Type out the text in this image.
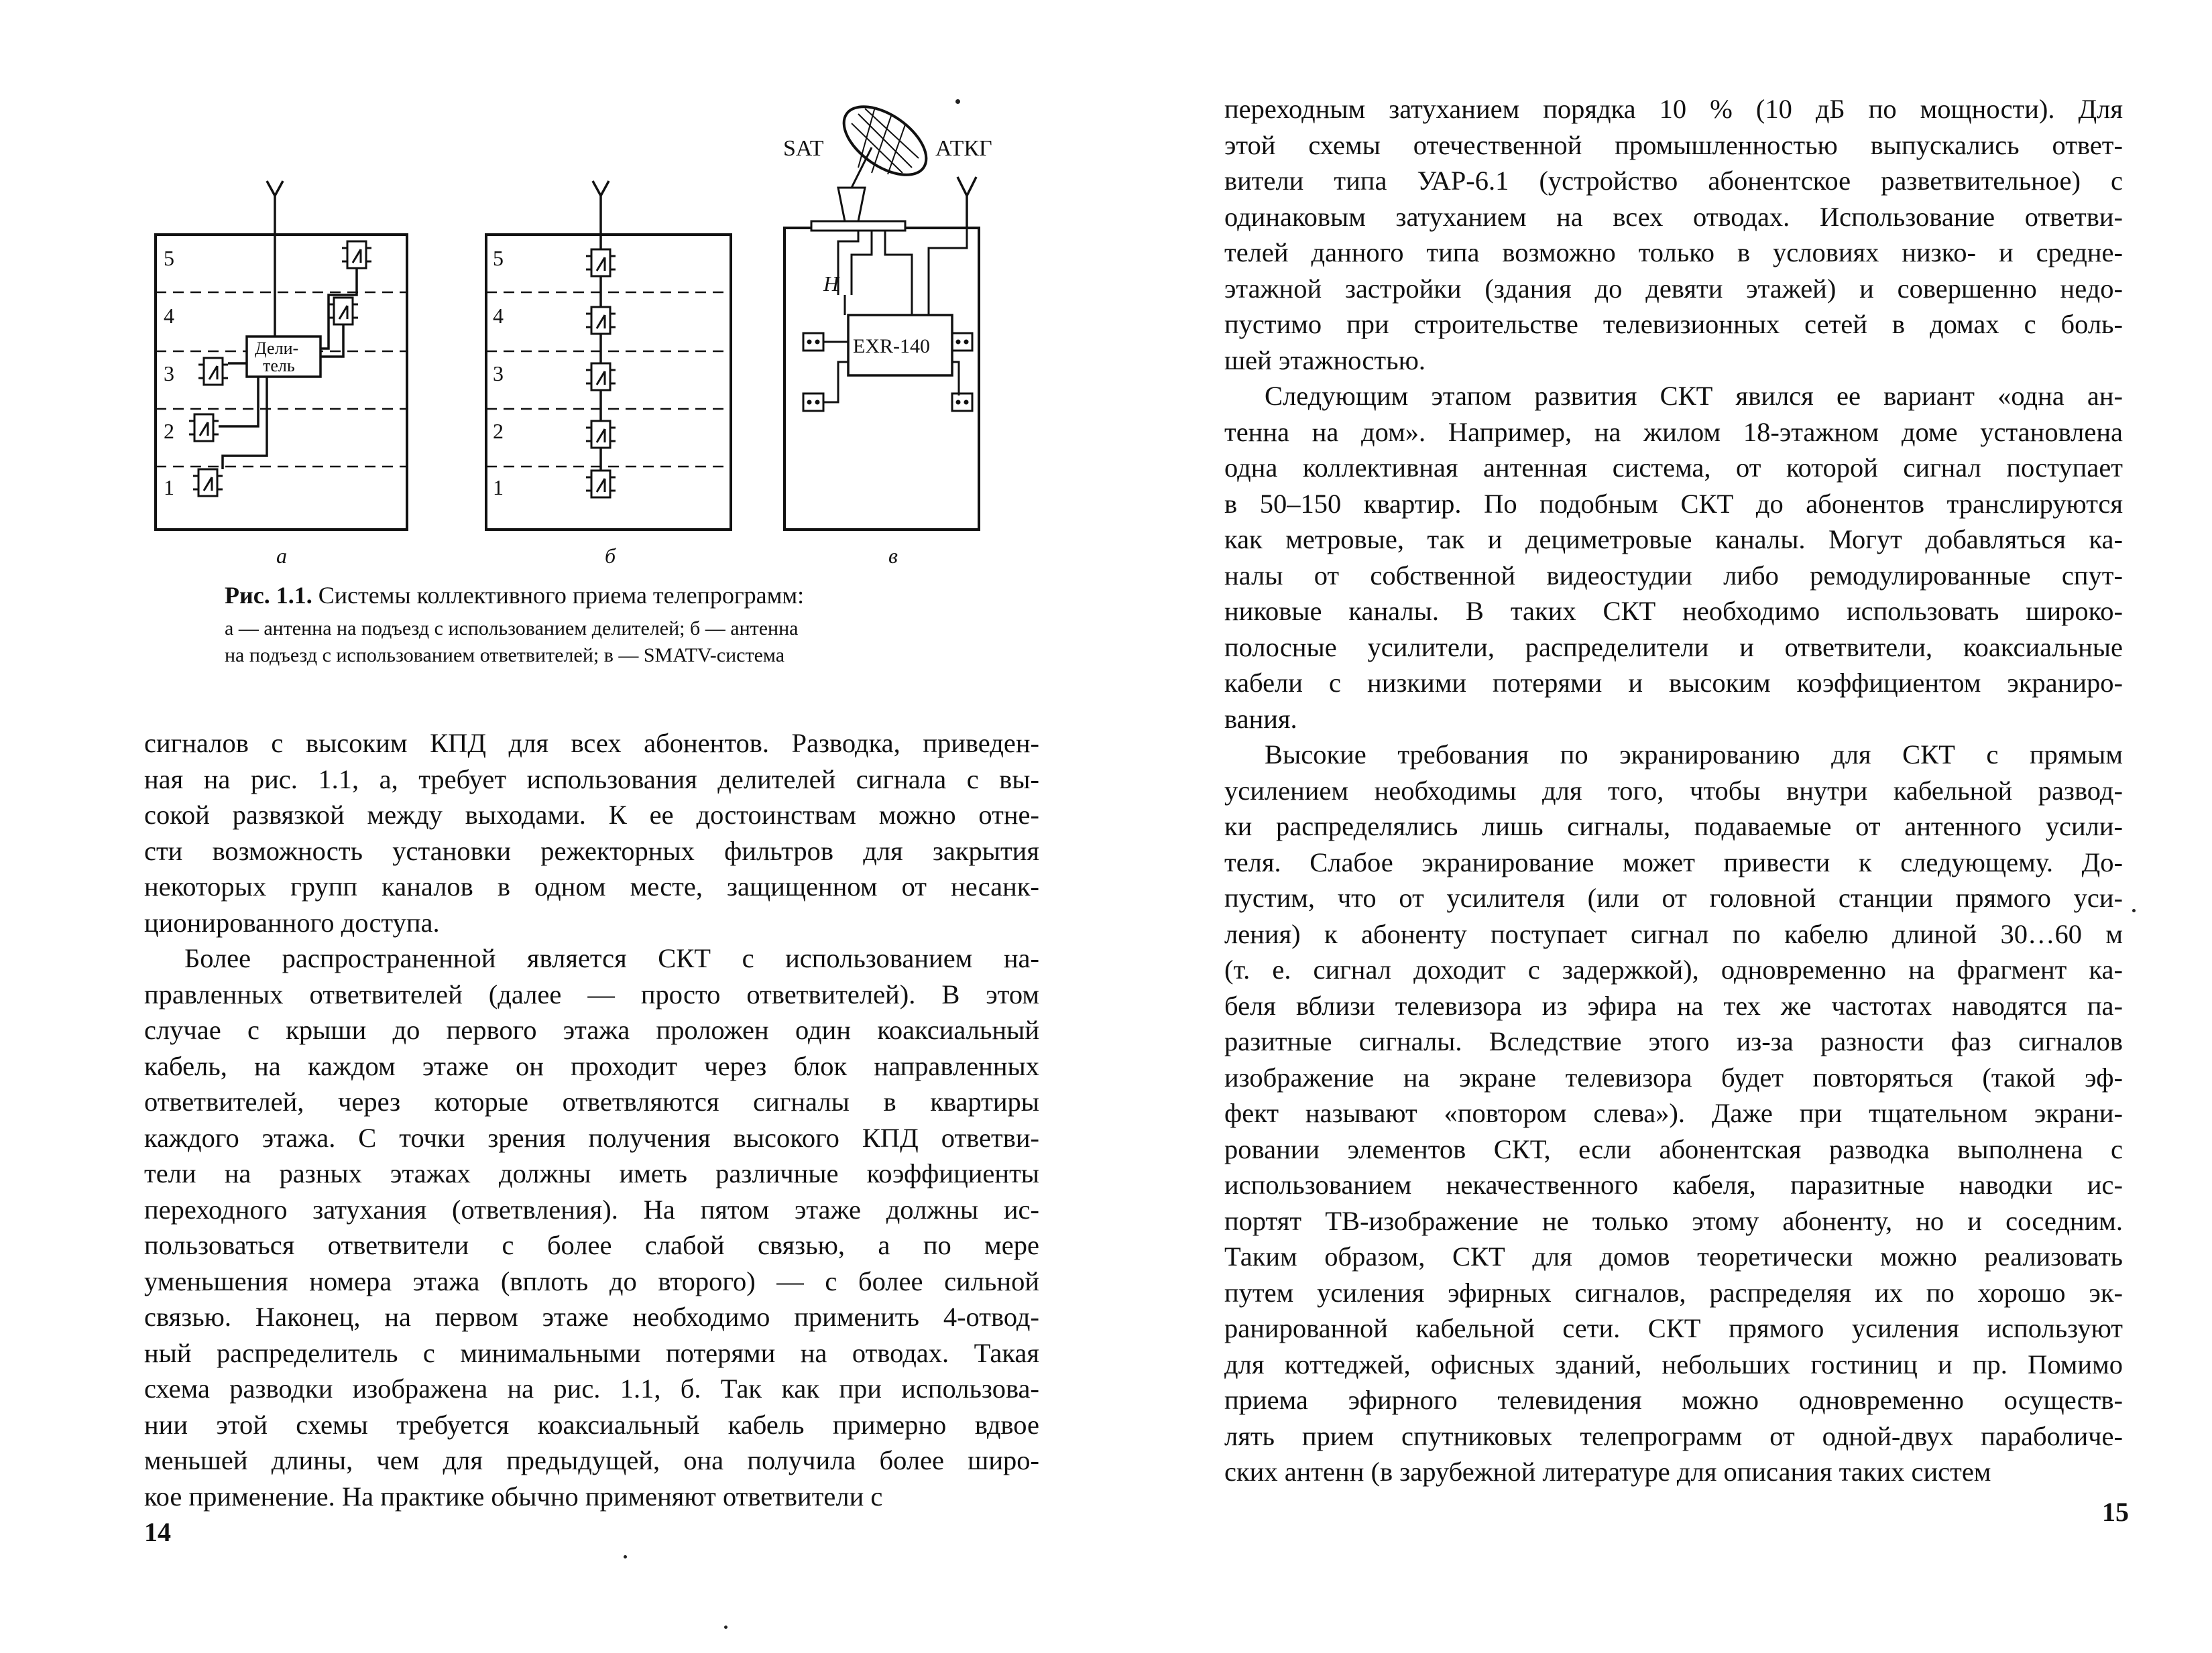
5
4
3
2
1
Дели-
тель
а
5
4
3
2
1
б
SAT	АТКГ
H
EXR-140
в
Рис. 1.1. Системы коллективного приема телепрограмм:
а — антенна на подъезд с использованием делителей; б — антенна
на подъезд с использованием ответвителей; в — SMATV-система
сигналов с высоким КПД для всех абонентов. Разводка, приведен-
ная на рис. 1.1, а, требует использования делителей сигнала с вы-
сокой развязкой между выходами. К ее достоинствам можно отне-
сти возможность установки режекторных фильтров для закрытия
некоторых групп каналов в одном месте, защищенном от несанк-
ционированного доступа.
Более распространенной является СКТ с использованием на-
правленных ответвителей (далее — просто ответвителей). В этом
случае с крыши до первого этажа проложен один коаксиальный
кабель, на каждом этаже он проходит через блок направленных
ответвителей, через которые ответвляются сигналы в квартиры
каждого этажа. С точки зрения получения высокого КПД ответви-
тели на разных этажах должны иметь различные коэффициенты
переходного затухания (ответвления). На пятом этаже должны ис-
пользоваться ответвители с более слабой связью, а по мере
уменьшения номера этажа (вплоть до второго) — с более сильной
связью. Наконец, на первом этаже необходимо применить 4-отвод-
ный распределитель с минимальными потерями на отводах. Такая
схема разводки изображена на рис. 1.1, б. Так как при использова-
нии этой схемы требуется коаксиальный кабель примерно вдвое
меньшей длины, чем для предыдущей, она получила более широ-
кое применение. На практике обычно применяют ответвители с
14
переходным затуханием порядка 10 % (10 дБ по мощности). Для
этой схемы отечественной промышленностью выпускались ответ-
вители типа УАР-6.1 (устройство абонентское разветвительное) с
одинаковым затуханием на всех отводах. Использование ответви-
телей данного типа возможно только в условиях низко- и средне-
этажной застройки (здания до девяти этажей) и совершенно недо-
пустимо при строительстве телевизионных сетей в домах с боль-
шей этажностью.
Следующим этапом развития СКТ явился ее вариант «одна ан-
тенна на дом». Например, на жилом 18-этажном доме установлена
одна коллективная антенная система, от которой сигнал поступает
в 50–150 квартир. По подобным СКТ до абонентов транслируются
как метровые, так и дециметровые каналы. Могут добавляться ка-
налы от собственной видеостудии либо ремодулированные спут-
никовые каналы. В таких СКТ необходимо использовать широко-
полосные усилители, распределители и ответвители, коаксиальные
кабели с низкими потерями и высоким коэффициентом экраниро-
вания.
Высокие требования по экранированию для СКТ с прямым
усилением необходимы для того, чтобы внутри кабельной развод-
ки распределялись лишь сигналы, подаваемые от антенного усили-
теля. Слабое экранирование может привести к следующему. До-
пустим, что от усилителя (или от головной станции прямого уси-
ления) к абоненту поступает сигнал по кабелю длиной 30…60 м
(т. е. сигнал доходит с задержкой), одновременно на фрагмент ка-
беля вблизи телевизора из эфира на тех же частотах наводятся па-
разитные сигналы. Вследствие этого из-за разности фаз сигналов
изображение на экране телевизора будет повторяться (такой эф-
фект называют «повтором слева»). Даже при тщательном экрани-
ровании элементов СКТ, если абонентская разводка выполнена с
использованием некачественного кабеля, паразитные наводки ис-
портят ТВ-изображение не только этому абоненту, но и соседним.
Таким образом, СКТ для домов теоретически можно реализовать
путем усиления эфирных сигналов, распределяя их по хорошо эк-
ранированной кабельной сети. СКТ прямого усиления используют
для коттеджей, офисных зданий, небольших гостиниц и пр. Помимо
приема эфирного телевидения можно одновременно осуществ-
лять прием спутниковых телепрограмм от одной-двух параболиче-
ских антенн (в зарубежной литературе для описания таких систем
15
